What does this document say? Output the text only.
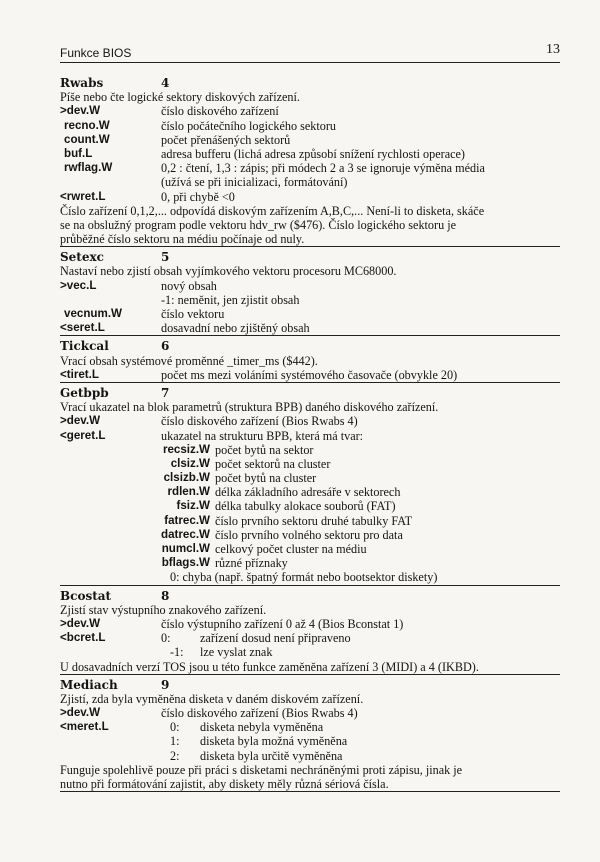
Funkce BIOS	13
Rwabs	4
Píše nebo čte logické sektory diskových zařízení.
>dev.W	číslo diskového zařízení
recno.W	číslo počátečního logického sektoru
count.W	počet přenášených sektorů
buf.L	adresa bufferu (lichá adresa způsobí snížení rychlosti operace)
rwflag.W	0,2 : čtení, 1,3 : zápis; při módech 2 a 3 se ignoruje výměna média
(užívá se při inicializaci, formátování)
<rwret.L	0, při chybě <0
Číslo zařízení 0,1,2,... odpovídá diskovým zařízením A,B,C,... Není-li to disketa, skáče
se na obslužný program podle vektoru hdv_rw ($476). Číslo logického sektoru je
průběžné číslo sektoru na médiu počínaje od nuly.
Setexc	5
Nastaví nebo zjistí obsah vyjímkového vektoru procesoru MC68000.
>vec.L	nový obsah
-1: neměnit, jen zjistit obsah
vecnum.W	číslo vektoru
<seret.L	dosavadní nebo zjištěný obsah
Tickcal	6
Vrací obsah systémové proměnné _timer_ms ($442).
<tiret.L	počet ms mezi voláními systémového časovače (obvykle 20)
Getbpb	7
Vrací ukazatel na blok parametrů (struktura BPB) daného diskového zařízení.
>dev.W	číslo diskového zařízení (Bios Rwabs 4)
<geret.L	ukazatel na strukturu BPB, která má tvar:
recsiz.W počet bytů na sektor
clsiz.W počet sektorů na cluster
clsizb.W počet bytů na cluster
rdlen.W délka základního adresáře v sektorech
fsiz.W délka tabulky alokace souborů (FAT)
fatrec.W číslo prvního sektoru druhé tabulky FAT
datrec.W číslo prvního volného sektoru pro data
numcl.W celkový počet cluster na médiu
bflags.W různé příznaky
0: chyba (např. špatný formát nebo bootsektor diskety)
Bcostat	8
Zjistí stav výstupního znakového zařízení.
>dev.W	číslo výstupního zařízení 0 až 4 (Bios Bconstat 1)
<bcret.L	0: zařízení dosud není připraveno
-1: lze vyslat znak
U dosavadních verzí TOS jsou u této funkce zaměněna zařízení 3 (MIDI) a 4 (IKBD).
Mediach	9
Zjistí, zda byla vyměněna disketa v daném diskovém zařízení.
>dev.W	číslo diskového zařízení (Bios Rwabs 4)
<meret.L	0: disketa nebyla vyměněna
1: disketa byla možná vyměněna
2: disketa byla určitě vyměněna
Funguje spolehlivě pouze při práci s disketami nechráněnými proti zápisu, jinak je
nutno při formátování zajistit, aby diskety měly různá sériová čísla.
